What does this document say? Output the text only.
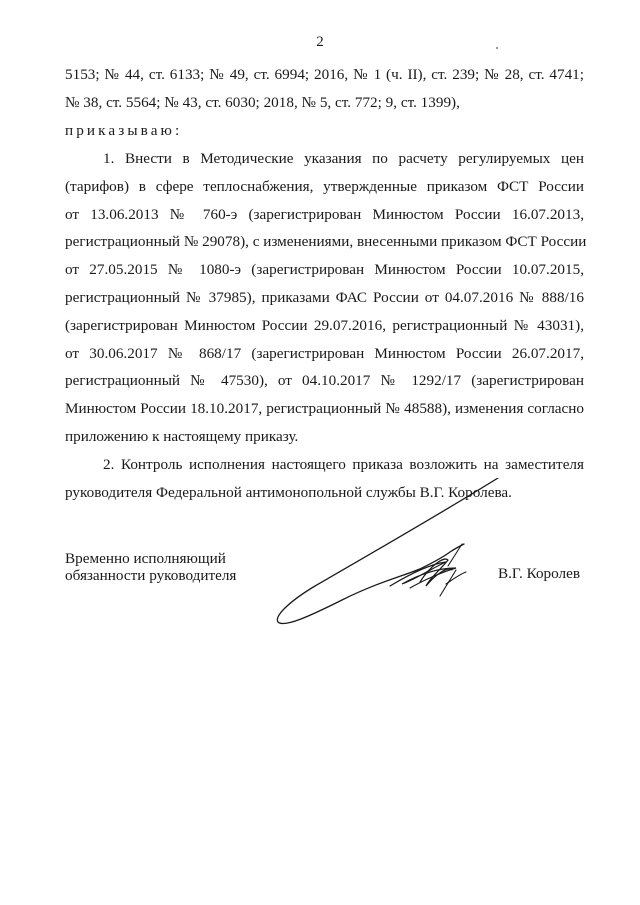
2
5153; № 44, ст. 6133; № 49, ст. 6994; 2016, № 1 (ч. II), ст. 239; № 28, ст. 4741;
№ 38, ст. 5564; № 43, ст. 6030; 2018, № 5, ст. 772; 9, ст. 1399),
приказываю:
1. Внести в Методические указания по расчету регулируемых цен
(тарифов) в сфере теплоснабжения, утвержденные приказом ФСТ России
от 13.06.2013 № 760-э (зарегистрирован Минюстом России 16.07.2013,
регистрационный № 29078), с изменениями, внесенными приказом ФСТ России
от 27.05.2015 № 1080-э (зарегистрирован Минюстом России 10.07.2015,
регистрационный № 37985), приказами ФАС России от 04.07.2016 № 888/16
(зарегистрирован Минюстом России 29.07.2016, регистрационный № 43031),
от 30.06.2017 № 868/17 (зарегистрирован Минюстом России 26.07.2017,
регистрационный № 47530), от 04.10.2017 № 1292/17 (зарегистрирован
Минюстом России 18.10.2017, регистрационный № 48588), изменения согласно
приложению к настоящему приказу.
2. Контроль исполнения настоящего приказа возложить на заместителя
руководителя Федеральной антимонопольной службы В.Г. Королева.
Временно исполняющий
обязанности руководителя	В.Г. Королев
